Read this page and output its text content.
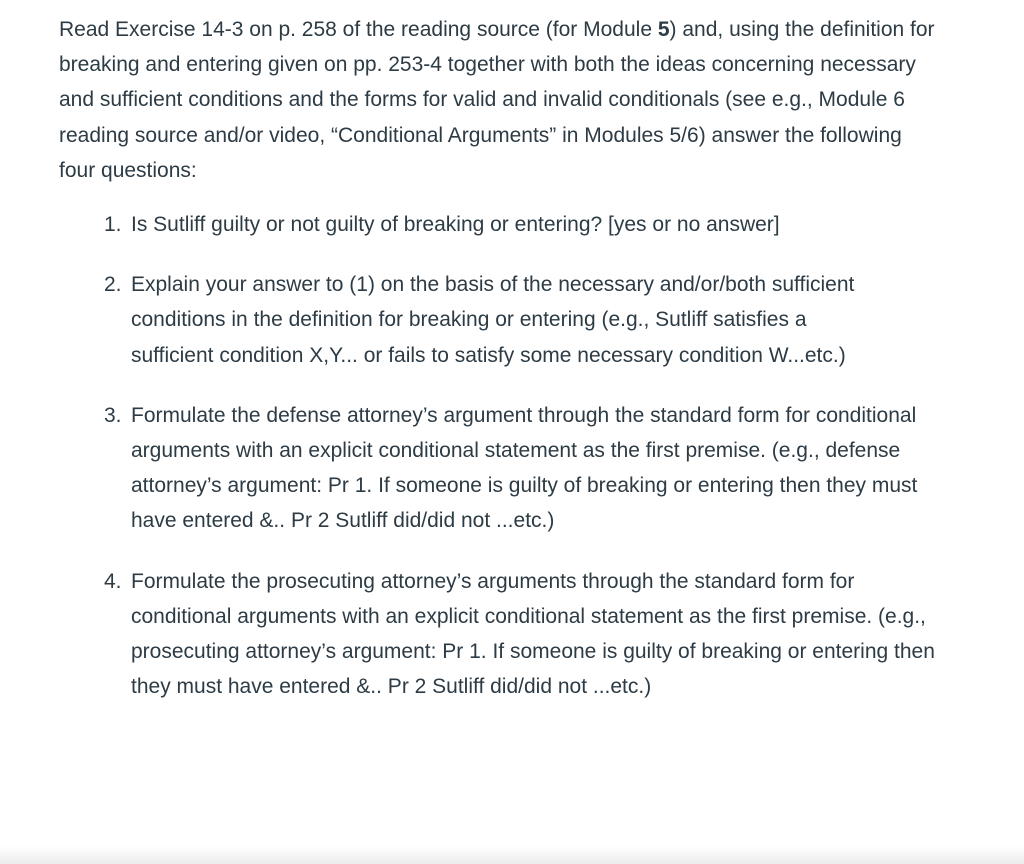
Read Exercise 14-3 on p. 258 of the reading source (for Module 5) and, using the definition for breaking and entering given on pp. 253-4 together with both the ideas concerning necessary and sufficient conditions and the forms for valid and invalid conditionals (see e.g., Module 6 reading source and/or video, “Conditional Arguments” in Modules 5/6) answer the following four questions:

1. Is Sutliff guilty or not guilty of breaking or entering? [yes or no answer]
2. Explain your answer to (1) on the basis of the necessary and/or/both sufficient conditions in the definition for breaking or entering (e.g., Sutliff satisfies a sufficient condition X,Y... or fails to satisfy some necessary condition W...etc.)
3. Formulate the defense attorney’s argument through the standard form for conditional arguments with an explicit conditional statement as the first premise. (e.g., defense attorney’s argument: Pr 1. If someone is guilty of breaking or entering then they must have entered &.. Pr 2 Sutliff did/did not ...etc.)
4. Formulate the prosecuting attorney’s arguments through the standard form for conditional arguments with an explicit conditional statement as the first premise. (e.g., prosecuting attorney’s argument: Pr 1. If someone is guilty of breaking or entering then they must have entered &.. Pr 2 Sutliff did/did not ...etc.)
